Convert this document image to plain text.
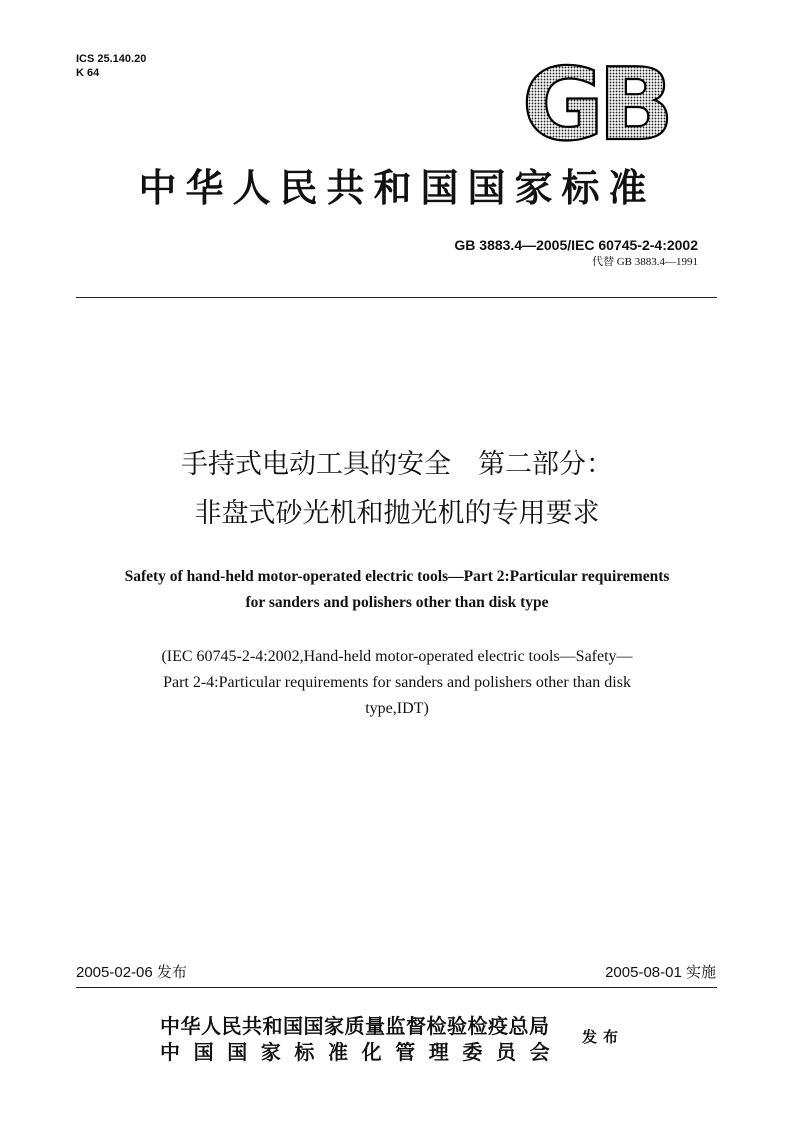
ICS 25.140.20
K 64	GB
中华人民共和国国家标准
GB 3883.4—2005/IEC 60745-2-4:2002
代替 GB 3883.4—1991
手持式电动工具的安全　第二部分：
非盘式砂光机和抛光机的专用要求
Safety of hand-held motor-operated electric tools—Part 2:Particular requirements
for sanders and polishers other than disk type
(IEC 60745-2-4:2002,Hand-held motor-operated electric tools—Safety—
Part 2-4:Particular requirements for sanders and polishers other than disk
type,IDT)
2005-02-06 发布	2005-08-01 实施
中华人民共和国国家质量监督检验检疫总局
中国国家标准化管理委员会
发布
